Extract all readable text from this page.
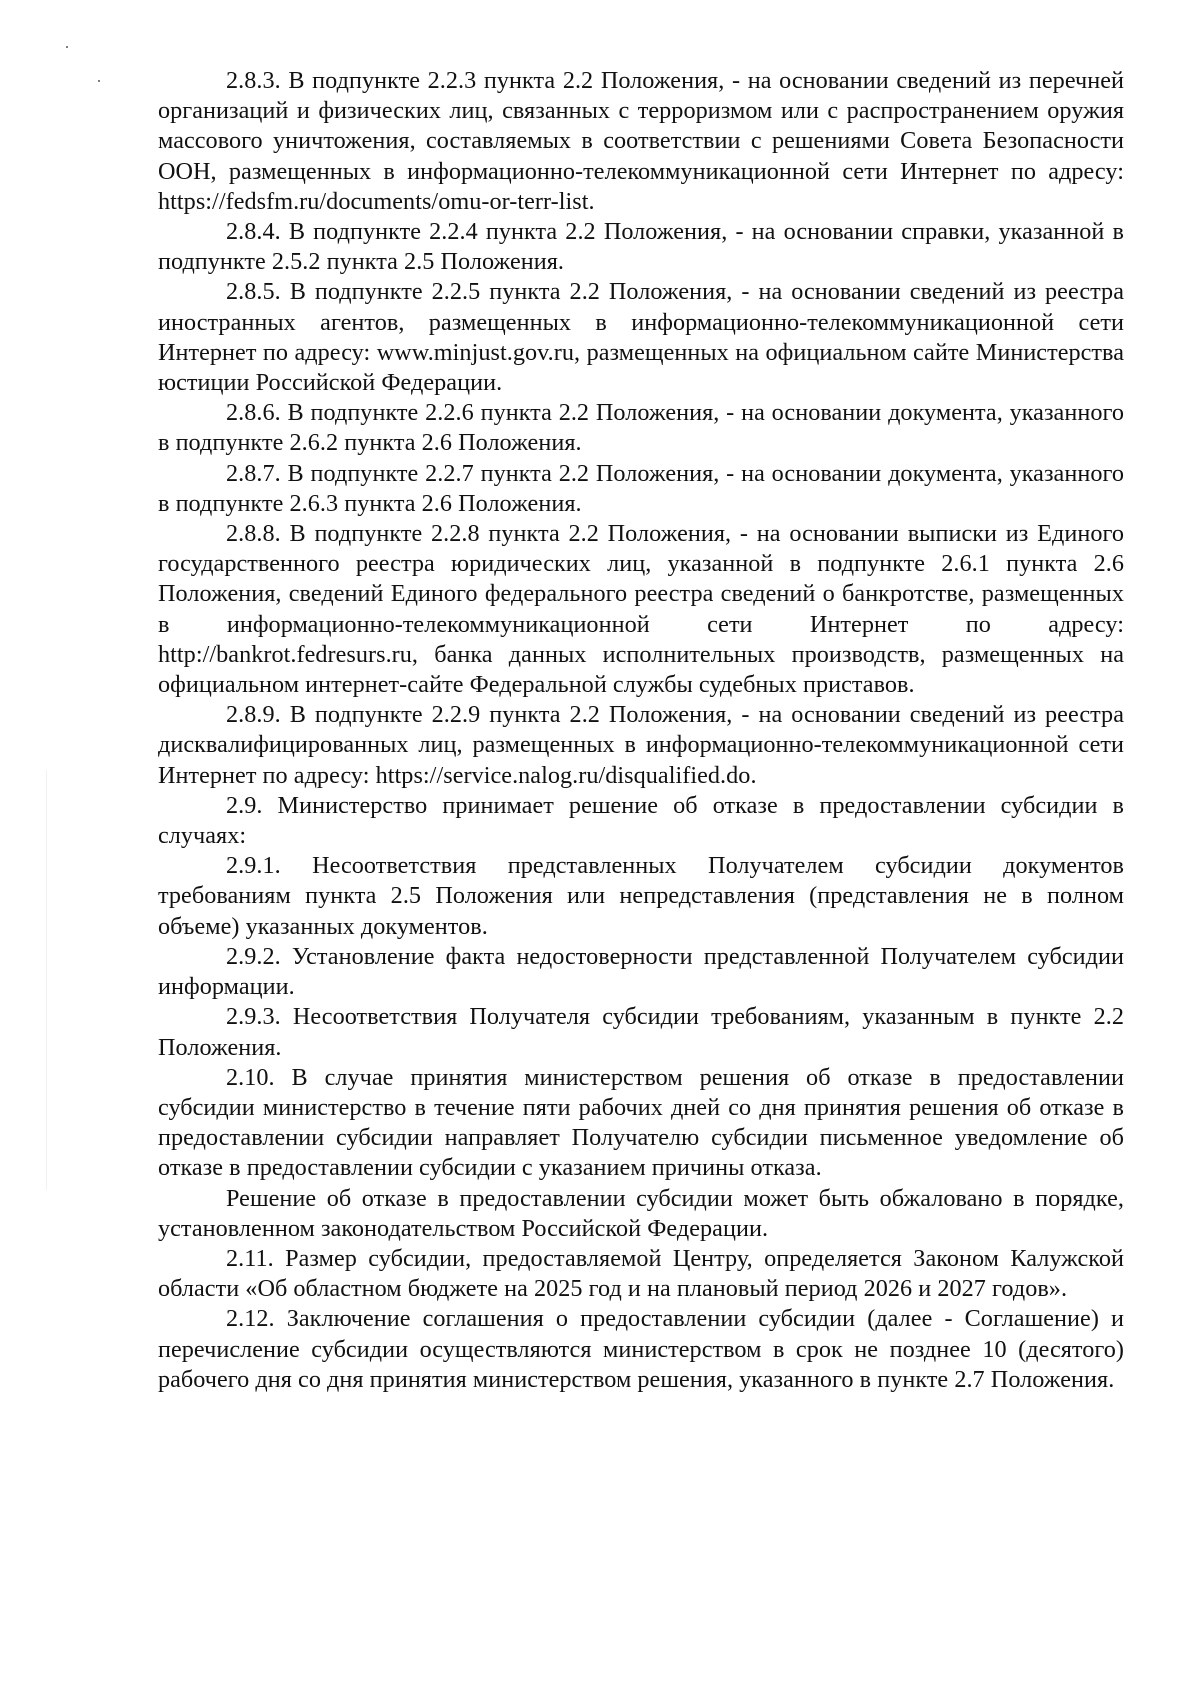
2.8.3. В подпункте 2.2.3 пункта 2.2 Положения, - на основании сведений из перечней организаций и физических лиц, связанных с терроризмом или с распространением оружия массового уничтожения, составляемых в соответствии с решениями Совета Безопасности ООН, размещенных в информационно-телекоммуникационной сети Интернет по адресу: https://fedsfm.ru/documents/omu-or-terr-list.

2.8.4. В подпункте 2.2.4 пункта 2.2 Положения, - на основании справки, указанной в подпункте 2.5.2 пункта 2.5 Положения.

2.8.5. В подпункте 2.2.5 пункта 2.2 Положения, - на основании сведений из реестра иностранных агентов, размещенных в информационно-телекоммуникационной сети Интернет по адресу: www.minjust.gov.ru, размещенных на официальном сайте Министерства юстиции Российской Федерации.

2.8.6. В подпункте 2.2.6 пункта 2.2 Положения, - на основании документа, указанного в подпункте 2.6.2 пункта 2.6 Положения.

2.8.7. В подпункте 2.2.7 пункта 2.2 Положения, - на основании документа, указанного в подпункте 2.6.3 пункта 2.6 Положения.

2.8.8. В подпункте 2.2.8 пункта 2.2 Положения, - на основании выписки из Единого государственного реестра юридических лиц, указанной в подпункте 2.6.1 пункта 2.6 Положения, сведений Единого федерального реестра сведений о банкротстве, размещенных в информационно-телекоммуникационной сети Интернет по адресу: http://bankrot.fedresurs.ru, банка данных исполнительных производств, размещенных на официальном интернет-сайте Федеральной службы судебных приставов.

2.8.9. В подпункте 2.2.9 пункта 2.2 Положения, - на основании сведений из реестра дисквалифицированных лиц, размещенных в информационно-телекоммуникационной сети Интернет по адресу: https://service.nalog.ru/disqualified.do.

2.9. Министерство принимает решение об отказе в предоставлении субсидии в случаях:

2.9.1. Несоответствия представленных Получателем субсидии документов требованиям пункта 2.5 Положения или непредставления (представления не в полном объеме) указанных документов.

2.9.2. Установление факта недостоверности представленной Получателем субсидии информации.

2.9.3. Несоответствия Получателя субсидии требованиям, указанным в пункте 2.2 Положения.

2.10. В случае принятия министерством решения об отказе в предоставлении субсидии министерство в течение пяти рабочих дней со дня принятия решения об отказе в предоставлении субсидии направляет Получателю субсидии письменное уведомление об отказе в предоставлении субсидии с указанием причины отказа.

Решение об отказе в предоставлении субсидии может быть обжаловано в порядке, установленном законодательством Российской Федерации.

2.11. Размер субсидии, предоставляемой Центру, определяется Законом Калужской области «Об областном бюджете на 2025 год и на плановый период 2026 и 2027 годов».

2.12. Заключение соглашения о предоставлении субсидии (далее - Соглашение) и перечисление субсидии осуществляются министерством в срок не позднее 10 (десятого) рабочего дня со дня принятия министерством решения, указанного в пункте 2.7 Положения.
